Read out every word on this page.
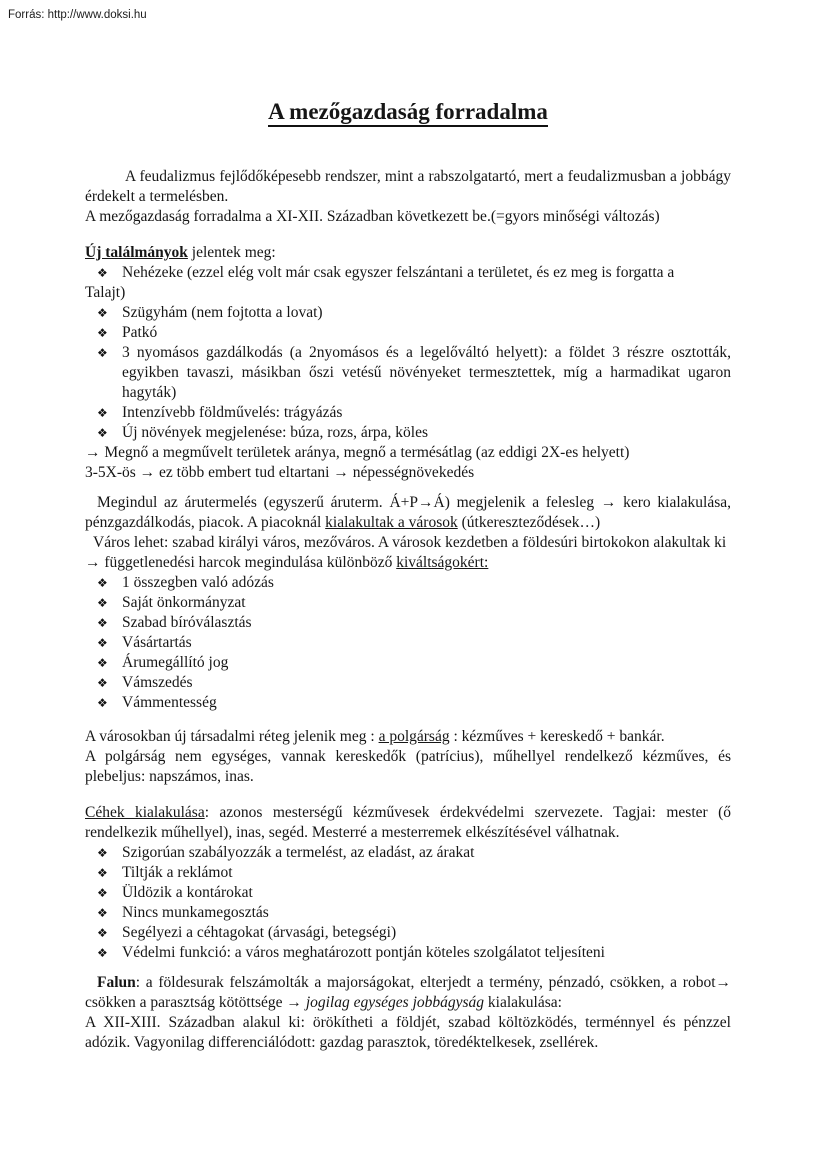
Forrás: http://www.doksi.hu
A mezőgazdaság forradalma

A feudalizmus fejlődőképesebb rendszer, mint a rabszolgatartó, mert a feudalizmusban a jobbágy érdekelt a termelésben.

A mezőgazdaság forradalma a XI-XII. Században következett be.(=gyors minőségi változás)

Új találmányok jelentek meg:

❖ Nehézeke (ezzel elég volt már csak egyszer felszántani a területet, és ez meg is forgatta a

Talajt)

❖ Szügyhám (nem fojtotta a lovat)

❖ Patkó

❖ 3 nyomásos gazdálkodás (a 2nyomásos és a legelőváltó helyett): a földet 3 részre osztották, egyikben tavaszi, másikban őszi vetésű növényeket termesztettek, míg a harmadikat ugaron hagyták)

❖ Intenzívebb földművelés: trágyázás

❖ Új növények megjelenése: búza, rozs, árpa, köles

→ Megnő a megművelt területek aránya, megnő a termésátlag (az eddigi 2X-es helyett)

3-5X-ös → ez több embert tud eltartani → népességnövekedés

Megindul az árutermelés (egyszerű áruterm. Á+P→Á) megjelenik a felesleg → kero kialakulása, pénzgazdálkodás, piacok. A piacoknál kialakultak a városok (útkereszteződések…)

Város lehet: szabad királyi város, mezőváros. A városok kezdetben a földesúri birtokokon alakultak ki → függetlenedési harcok megindulása különböző kiváltságokért:

❖ 1 összegben való adózás

❖ Saját önkormányzat

❖ Szabad bíróválasztás

❖ Vásártartás

❖ Árumegállító jog

❖ Vámszedés

❖ Vámmentesség

A városokban új társadalmi réteg jelenik meg : a polgárság : kézműves + kereskedő + bankár.

A polgárság nem egységes, vannak kereskedők (patrícius), műhellyel rendelkező kézműves, és plebeljus: napszámos, inas.

Céhek kialakulása: azonos mesterségű kézművesek érdekvédelmi szervezete. Tagjai: mester (ő rendelkezik műhellyel), inas, segéd. Mesterré a mesterremek elkészítésével válhatnak.

❖ Szigorúan szabályozzák a termelést, az eladást, az árakat

❖ Tiltják a reklámot

❖ Üldözik a kontárokat

❖ Nincs munkamegosztás

❖ Segélyezi a céhtagokat (árvasági, betegségi)

❖ Védelmi funkció: a város meghatározott pontján köteles szolgálatot teljesíteni

Falun: a földesurak felszámolták a majorságokat, elterjedt a termény, pénzadó, csökken, a robot→ csökken a parasztság kötöttsége → jogilag egységes jobbágyság kialakulása:

A XII-XIII. Században alakul ki: örökítheti a földjét, szabad költözködés, terménnyel és pénzzel adózik. Vagyonilag differenciálódott: gazdag parasztok, töredéktelkesek, zsellérek.
